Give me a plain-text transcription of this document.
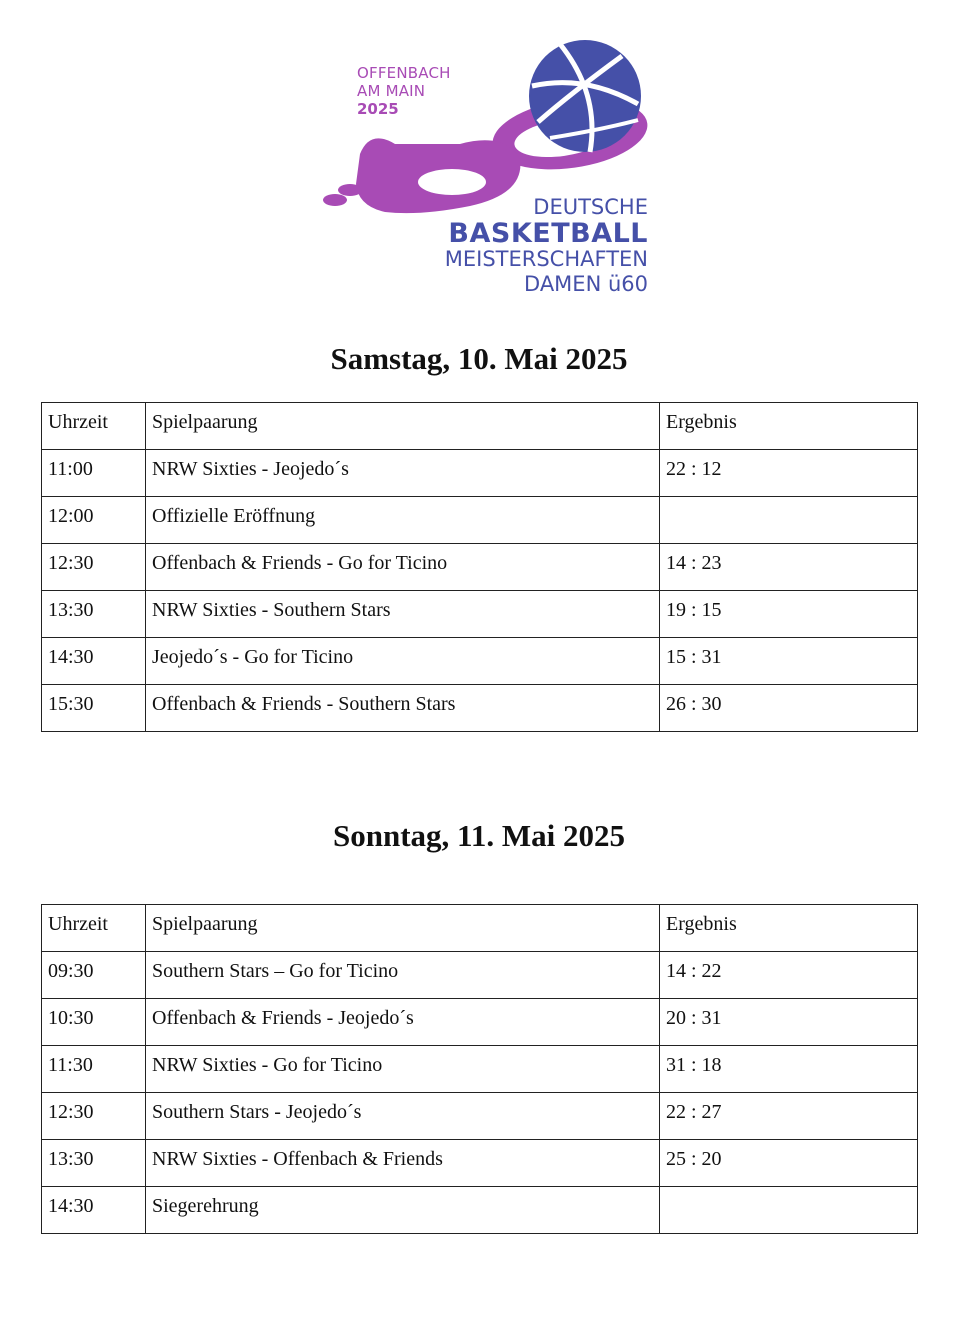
OFFENBACH
AM MAIN
2025
DEUTSCHE
BASKETBALL
MEISTERSCHAFTEN
DAMEN ü60
Samstag, 10. Mai 2025
Uhrzeit	Spielpaarung	Ergebnis
11:00	NRW Sixties - Jeojedo´s	22 : 12
12:00	Offizielle Eröffnung	
12:30	Offenbach & Friends - Go for Ticino	14 : 23
13:30	NRW Sixties - Southern Stars	19 : 15
14:30	Jeojedo´s - Go for Ticino	15 : 31
15:30	Offenbach & Friends - Southern Stars	26 : 30
Sonntag, 11. Mai 2025
Uhrzeit	Spielpaarung	Ergebnis
09:30	Southern Stars – Go for Ticino	14 : 22
10:30	Offenbach & Friends - Jeojedo´s	20 : 31
11:30	NRW Sixties - Go for Ticino	31 : 18
12:30	Southern Stars - Jeojedo´s	22 : 27
13:30	NRW Sixties - Offenbach & Friends	25 : 20
14:30	Siegerehrung	
